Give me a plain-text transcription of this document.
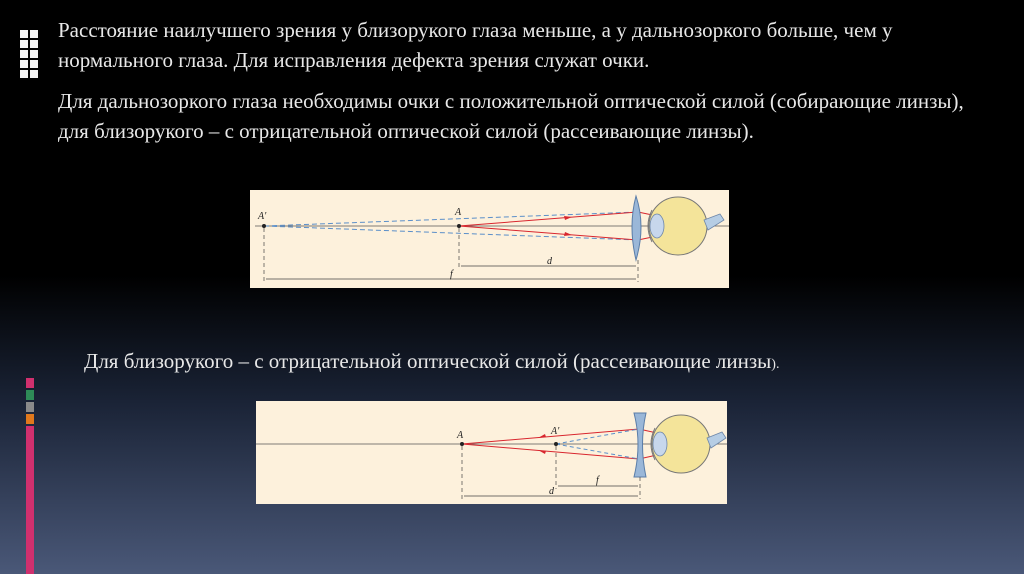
Расстояние наилучшего зрения у близорукого глаза меньше, а у дальнозоркого больше, чем у нормального глаза. Для исправления дефекта зрения служат очки.

Для дальнозоркого глаза необходимы очки с положительной оптической силой (собирающие линзы), для близорукого – с отрицательной оптической силой (рассеивающие линзы).

A'	A
d
f

Для близорукого – с отрицательной оптической силой (рассеивающие линзы).

A	A'
f
d
